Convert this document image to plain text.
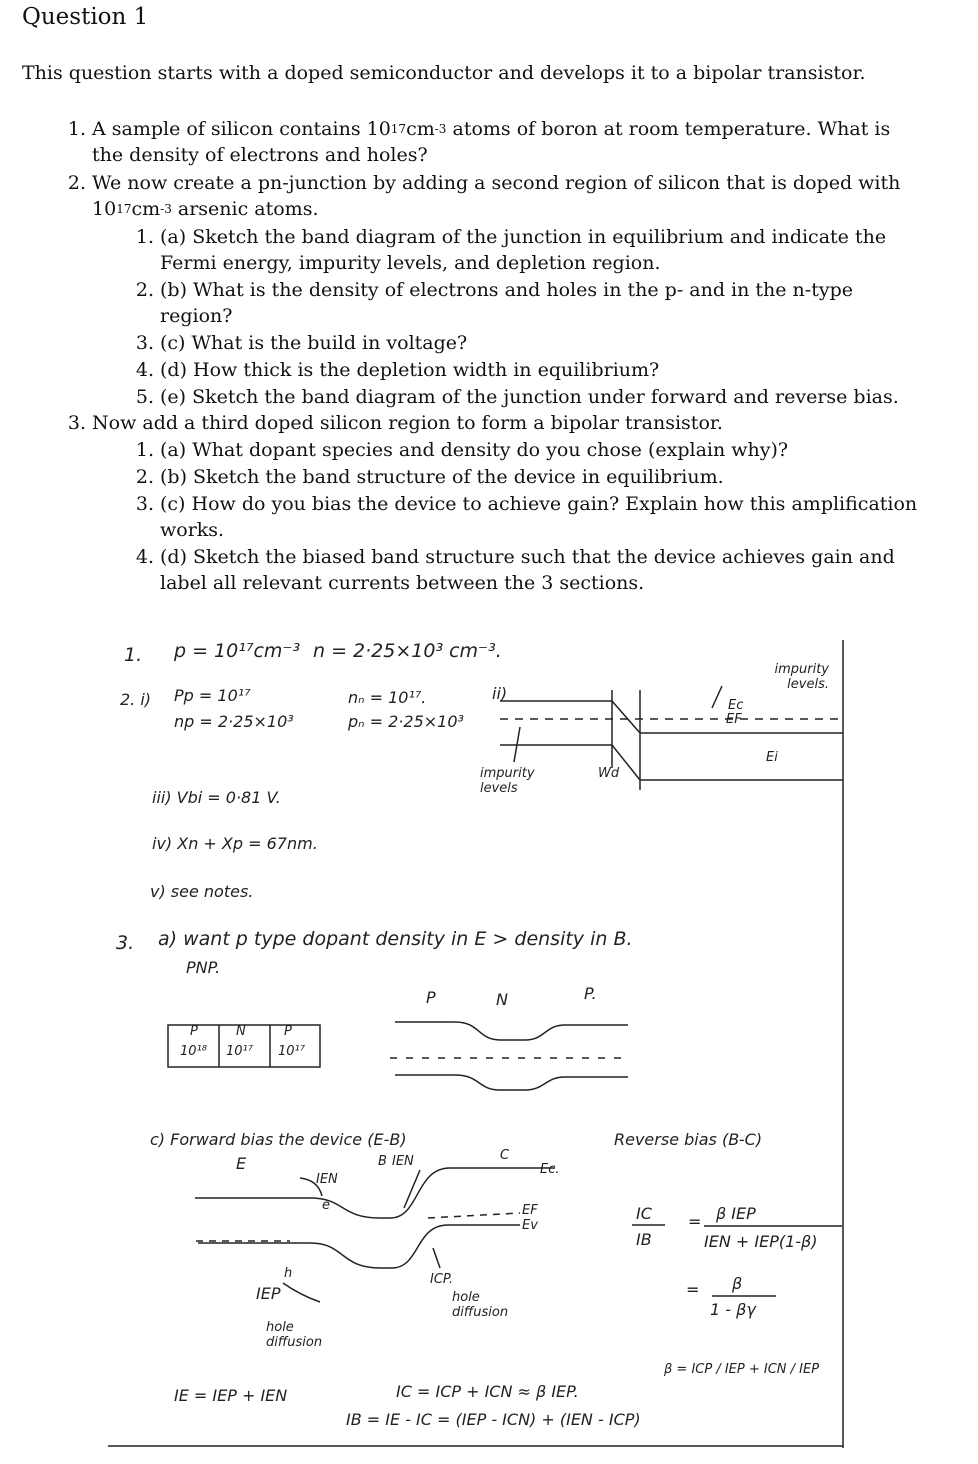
Question 1
This question starts with a doped semiconductor and develops it to a bipolar transistor.
1. A sample of silicon contains $10^{17}cm^{-3}$ atoms of boron at room temperature. What is the density of electrons and holes?
2. We now create a pn-junction by adding a second region of silicon that is doped with $10^{17}cm^{-3}$ arsenic atoms.
1. (a) Sketch the band diagram of the junction in equilibrium and indicate the Fermi energy, impurity levels, and depletion region.
2. (b) What is the density of electrons and holes in the p- and in the n-type region?
3. (c) What is the build in voltage?
4. (d) How thick is the depletion width in equilibrium?
5. (e) Sketch the band diagram of the junction under forward and reverse bias.
3. Now add a third doped silicon region to form a bipolar transistor.
1. (a) What dopant species and density do you chose (explain why)?
2. (b) Sketch the band structure of the device in equilibrium.
3. (c) How do you bias the device to achieve gain? Explain how this amplification works.
4. (d) Sketch the biased band structure such that the device achieves gain and label all relevant currents between the 3 sections.
1. p = 10¹⁷cm⁻³ n = 2·25×10³ cm⁻³.
2. i) Pp = 10¹⁷
np = 2·25×10³
nₙ = 10¹⁷.
pₙ = 2·25×10³
ii)
impurity levels.
Ec
EF
Ei
impurity levels
Wd
iii) Vbi = 0·81 V.
iv) Xn + Xp = 67nm.
v) see notes.
3. a) want p type dopant density in E > density in B.
PNP.
P	N	P.
P	N	P
10¹⁸ 10¹⁷ 10¹⁷
c) Forward bias the device (E-B)	Reverse bias (B-C)
E	B IEN	C
IEN
e
Ec.
EF
Ev
h
IEP
hole diffusion
ICP.
hole diffusion
IC
IB
= β IEP
IEN + IEP(1-β)
= β
1 - βγ
β = ICP / IEP + ICN / IEP
IE = IEP + IEN	IC = ICP + ICN ≈ β IEP.
IB = IE - IC = (IEP - ICN) + (IEN - ICP)
